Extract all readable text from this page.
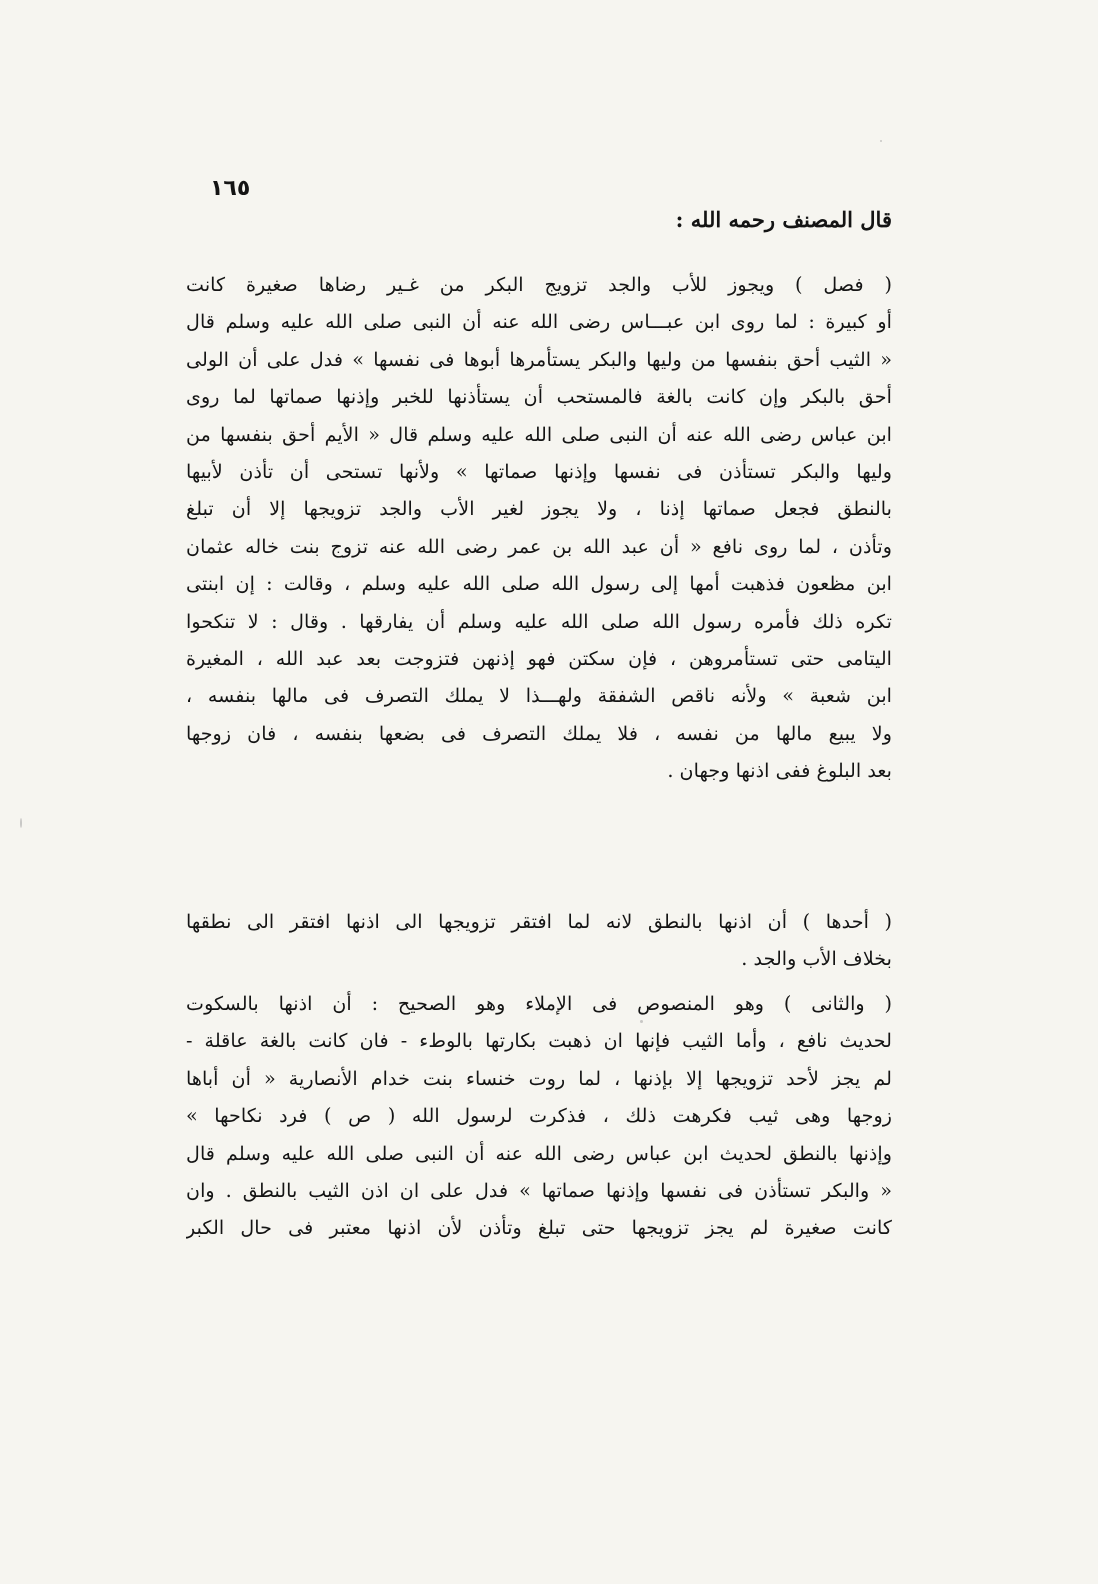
١٦٥
قال المصنف رحمه الله :
( فصل ) ويجوز للأب والجد تزويج البكر من غـير رضاها صغيرة كانت
أو كبيرة : لما روى ابن عبـــاس رضى الله عنه أن النبى صلى الله عليه وسلم قال
« الثيب أحق بنفسها من وليها والبكر يستأمرها أبوها فى نفسها » فدل على أن الولى
أحق بالبكر وإن كانت بالغة فالمستحب أن يستأذنها للخبر وإذنها صماتها لما روى
ابن عباس رضى الله عنه أن النبى صلى الله عليه وسلم قال « الأيم أحق بنفسها من
وليها والبكر تستأذن فى نفسها وإذنها صماتها » ولأنها تستحى أن تأذن لأبيها
بالنطق فجعل صماتها إذنا ، ولا يجوز لغير الأب والجد تزويجها إلا أن تبلغ
وتأذن ، لما روى نافع « أن عبد الله بن عمر رضى الله عنه تزوج بنت خاله عثمان
ابن مظعون فذهبت أمها إلى رسول الله صلى الله عليه وسلم ، وقالت : إن ابنتى
تكره ذلك فأمره رسول الله صلى الله عليه وسلم أن يفارقها . وقال : لا تنكحوا
اليتامى حتى تستأمروهن ، فإن سكتن فهو إذنهن فتزوجت بعد عبد الله ، المغيرة
ابن شعبة » ولأنه ناقص الشفقة ولهـــذا لا يملك التصرف فى مالها بنفسه ،
ولا يبيع مالها من نفسه ، فلا يملك التصرف فى بضعها بنفسه ، فان زوجها
بعد البلوغ ففى اذنها وجهان .
( أحدها ) أن اذنها بالنطق لانه لما افتقر تزويجها الى اذنها افتقر الى نطقها
بخلاف الأب والجد .
( والثانى ) وهو المنصوص فى الإملاء وهو الصحيح : أن اذنها بالسكوت
لحديث نافع ، وأما الثيب فإنها ان ذهبت بكارتها بالوطء - فان كانت بالغة عاقلة -
لم يجز لأحد تزويجها إلا بإذنها ، لما روت خنساء بنت خدام الأنصارية « أن أباها
زوجها وهى ثيب فكرهت ذلك ، فذكرت لرسول الله ( ص ) فرد نكاحها »
وإذنها بالنطق لحديث ابن عباس رضى الله عنه أن النبى صلى الله عليه وسلم قال
« والبكر تستأذن فى نفسها وإذنها صماتها » فدل على ان اذن الثيب بالنطق . وان
كانت صغيرة لم يجز تزويجها حتى تبلغ وتأذن لأن اذنها معتبر فى حال الكبر
